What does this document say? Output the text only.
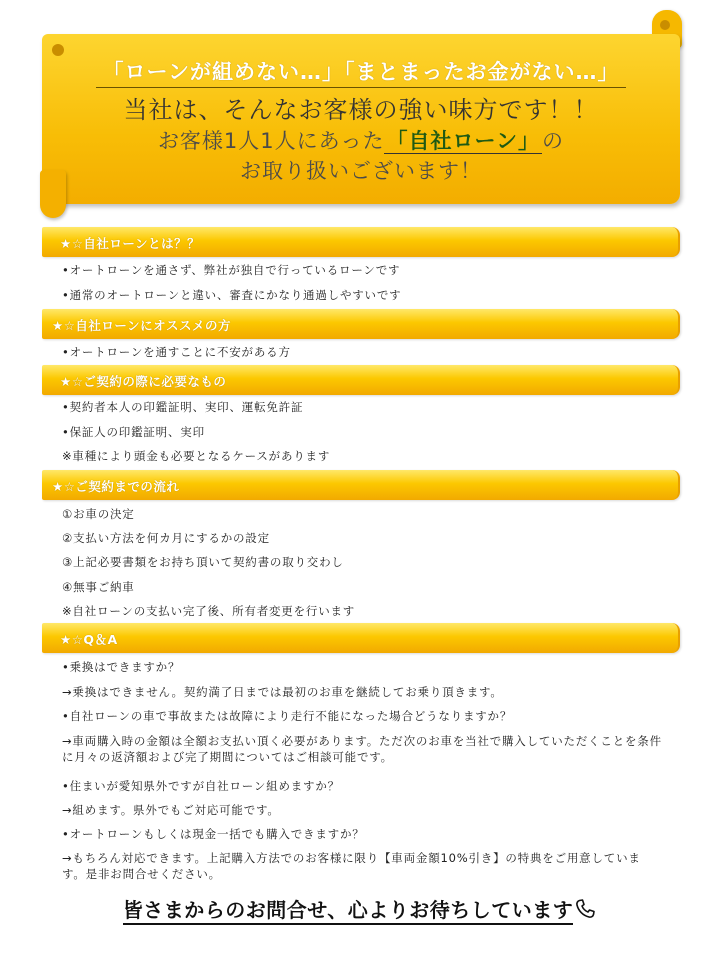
「ローンが組めない…」「まとまったお金がない…」
当社は、そんなお客様の強い味方です！！
お客様1人1人にあった「自社ローン」の
お取り扱いございます！
★☆自社ローンとは？？
•オートローンを通さず、弊社が独自で行っているローンです
•通常のオートローンと違い、審査にかなり通過しやすいです
★☆自社ローンにオススメの方
•オートローンを通すことに不安がある方
★☆ご契約の際に必要なもの
•契約者本人の印鑑証明、実印、運転免許証
•保証人の印鑑証明、実印
※車種により頭金も必要となるケースがあります
★☆ご契約までの流れ
①お車の決定
②支払い方法を何カ月にするかの設定
③上記必要書類をお持ち頂いて契約書の取り交わし
④無事ご納車
※自社ローンの支払い完了後、所有者変更を行います
★☆Q＆A
•乗換はできますか？
→乗換はできません。契約満了日までは最初のお車を継続してお乗り頂きます。
•自社ローンの車で事故または故障により走行不能になった場合どうなりますか？
→車両購入時の金額は全額お支払い頂く必要があります。ただ次のお車を当社で購入していただくことを条件に月々の返済額および完了期間についてはご相談可能です。
•住まいが愛知県外ですが自社ローン組めますか？
→組めます。県外でもご対応可能です。
•オートローンもしくは現金一括でも購入できますか？
→もちろん対応できます。上記購入方法でのお客様に限り【車両金額10%引き】の特典をご用意しています。是非お問合せください。
皆さまからのお問合せ、心よりお待ちしています
